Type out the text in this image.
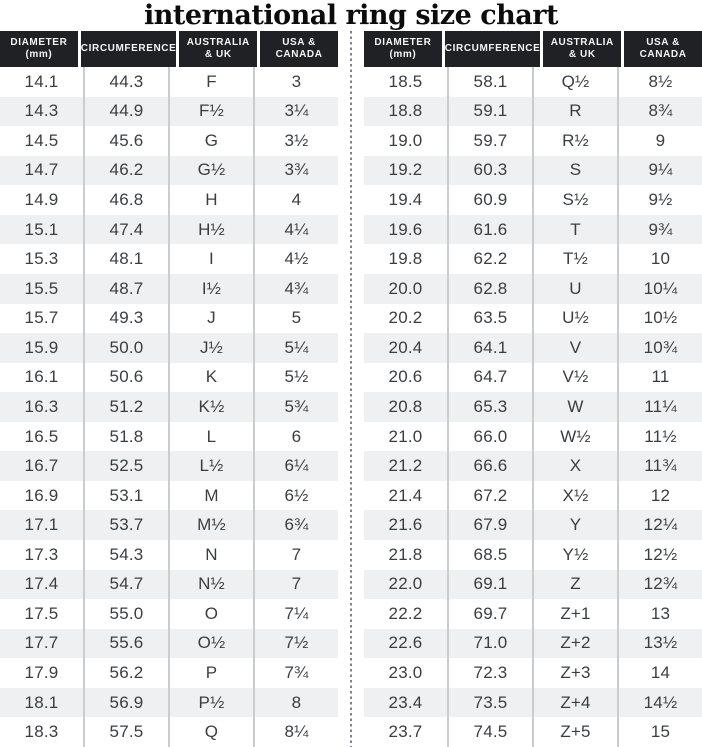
international ring size chart
DIAMETER
(mm)
CIRCUMFERENCE
AUSTRALIA
& UK
USA &
CANADA
14.1	44.3	F	3
14.3	44.9	F½	3¼
14.5	45.6	G	3½
14.7	46.2	G½	3¾
14.9	46.8	H	4
15.1	47.4	H½	4¼
15.3	48.1	I	4½
15.5	48.7	I½	4¾
15.7	49.3	J	5
15.9	50.0	J½	5¼
16.1	50.6	K	5½
16.3	51.2	K½	5¾
16.5	51.8	L	6
16.7	52.5	L½	6¼
16.9	53.1	M	6½
17.1	53.7	M½	6¾
17.3	54.3	N	7
17.4	54.7	N½	7
17.5	55.0	O	7¼
17.7	55.6	O½	7½
17.9	56.2	P	7¾
18.1	56.9	P½	8
18.3	57.5	Q	8¼
DIAMETER
(mm)
CIRCUMFERENCE
AUSTRALIA
& UK
USA &
CANADA
18.5	58.1	Q½	8½
18.8	59.1	R	8¾
19.0	59.7	R½	9
19.2	60.3	S	9¼
19.4	60.9	S½	9½
19.6	61.6	T	9¾
19.8	62.2	T½	10
20.0	62.8	U	10¼
20.2	63.5	U½	10½
20.4	64.1	V	10¾
20.6	64.7	V½	11
20.8	65.3	W	11¼
21.0	66.0	W½	11½
21.2	66.6	X	11¾
21.4	67.2	X½	12
21.6	67.9	Y	12¼
21.8	68.5	Y½	12½
22.0	69.1	Z	12¾
22.2	69.7	Z+1	13
22.6	71.0	Z+2	13½
23.0	72.3	Z+3	14
23.4	73.5	Z+4	14½
23.7	74.5	Z+5	15
